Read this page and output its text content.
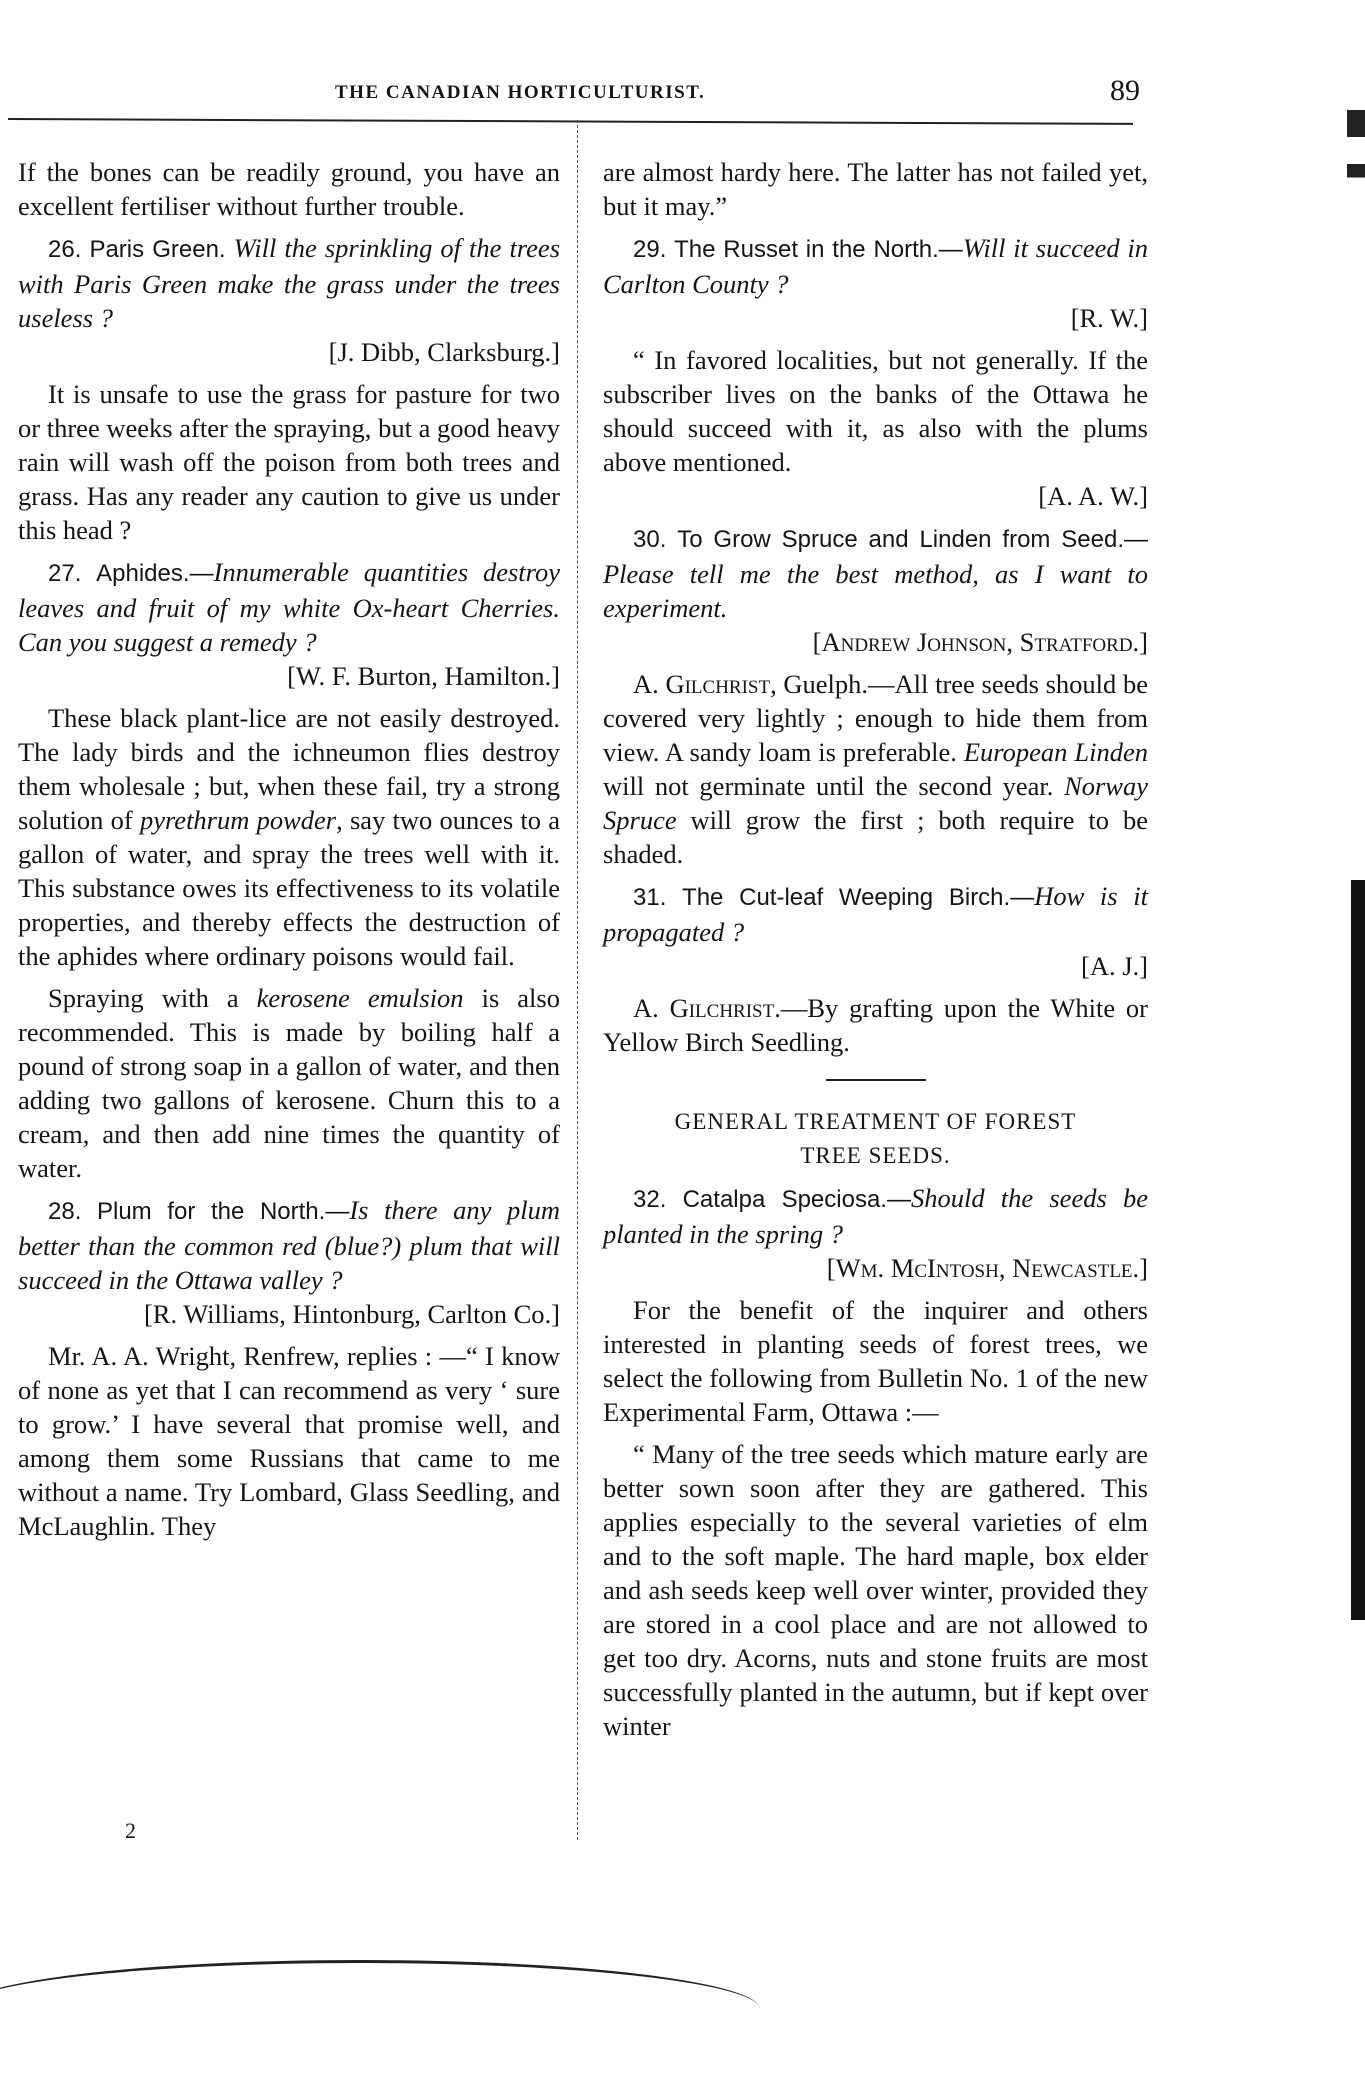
THE CANADIAN HORTICULTURIST.	89

If the bones can be readily ground, you have an excellent fertiliser without further trouble.

26. Paris Green. Will the sprinkling of the trees with Paris Green make the grass under the trees useless ?
[J. Dibb, Clarksburg.]

It is unsafe to use the grass for pasture for two or three weeks after the spraying, but a good heavy rain will wash off the poison from both trees and grass. Has any reader any caution to give us under this head ?

27. Aphides.—Innumerable quantities destroy leaves and fruit of my white Ox-heart Cherries. Can you suggest a remedy ?
[W. F. Burton, Hamilton.]

These black plant-lice are not easily destroyed. The lady birds and the ichneumon flies destroy them wholesale ; but, when these fail, try a strong solution of pyrethrum powder, say two ounces to a gallon of water, and spray the trees well with it. This substance owes its effectiveness to its volatile properties, and thereby effects the destruction of the aphides where ordinary poisons would fail.

Spraying with a kerosene emulsion is also recommended. This is made by boiling half a pound of strong soap in a gallon of water, and then adding two gallons of kerosene. Churn this to a cream, and then add nine times the quantity of water.

28. Plum for the North.—Is there any plum better than the common red (blue?) plum that will succeed in the Ottawa valley ?
[R. Williams, Hintonburg, Carlton Co.]

Mr. A. A. Wright, Renfrew, replies : —“ I know of none as yet that I can recommend as very ‘ sure to grow.’ I have several that promise well, and among them some Russians that came to me without a name. Try Lombard, Glass Seedling, and McLaughlin. They

2

are almost hardy here. The latter has not failed yet, but it may.”

29. The Russet in the North.—Will it succeed in Carlton County ?
[R. W.]

“ In favored localities, but not generally. If the subscriber lives on the banks of the Ottawa he should succeed with it, as also with the plums above mentioned.
[A. A. W.]

30. To Grow Spruce and Linden from Seed.— Please tell me the best method, as I want to experiment.
[Andrew Johnson, Stratford.]

A. Gilchrist, Guelph.—All tree seeds should be covered very lightly ; enough to hide them from view. A sandy loam is preferable. European Linden will not germinate until the second year. Norway Spruce will grow the first ; both require to be shaded.

31. The Cut-leaf Weeping Birch.—How is it propagated ?
[A. J.]

A. Gilchrist.—By grafting upon the White or Yellow Birch Seedling.

GENERAL TREATMENT OF FOREST
TREE SEEDS.

32. Catalpa Speciosa.—Should the seeds be planted in the spring ?
[Wm. McIntosh, Newcastle.]

For the benefit of the inquirer and others interested in planting seeds of forest trees, we select the following from Bulletin No. 1 of the new Experimental Farm, Ottawa :—

“ Many of the tree seeds which mature early are better sown soon after they are gathered. This applies especially to the several varieties of elm and to the soft maple. The hard maple, box elder and ash seeds keep well over winter, provided they are stored in a cool place and are not allowed to get too dry. Acorns, nuts and stone fruits are most successfully planted in the autumn, but if kept over winter
